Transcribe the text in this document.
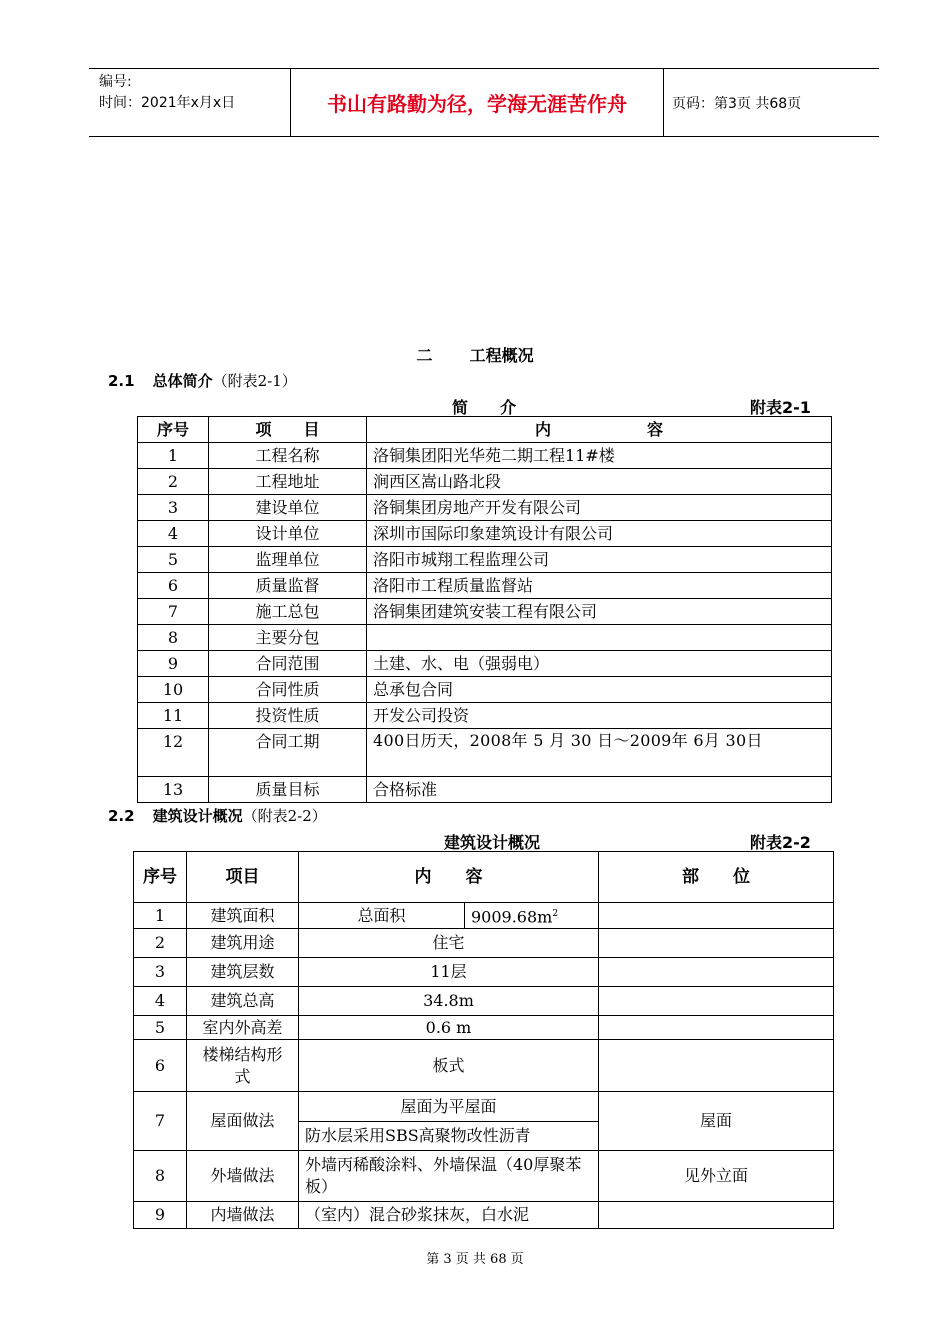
编号:
时间：2021年x月x日	书山有路勤为径，学海无涯苦作舟	页码：第3页 共68页
二 工程概况
2.1 总体简介（附表2-1）
简　　介	附表2-1
序号	项　　目	内　　　　　　容
1	工程名称	洛铜集团阳光华苑二期工程11#楼
2	工程地址	涧西区嵩山路北段
3	建设单位	洛铜集团房地产开发有限公司
4	设计单位	深圳市国际印象建筑设计有限公司
5	监理单位	洛阳市城翔工程监理公司
6	质量监督	洛阳市工程质量监督站
7	施工总包	洛铜集团建筑安装工程有限公司
8	主要分包	
9	合同范围	土建、水、电（强弱电）
10	合同性质	总承包合同
11	投资性质	开发公司投资
12	合同工期	400日历天，2008年 5 月 30 日～2009年 6月 30日
13	质量目标	合格标准
2.2 建筑设计概况（附表2-2）
建筑设计概况	附表2-2
序号	项目	内　　容		部　　位
1	建筑面积	总面积	$9009.68m^2$	
2	建筑用途	住宅		
3	建筑层数	11层		
4	建筑总高	34.8m		
5	室内外高差	0.6 m		
6	楼梯结构形式	板式		
7	屋面做法	屋面为平屋面		屋面
		防水层采用SBS高聚物改性沥青		
8	外墙做法	外墙丙稀酸涂料、外墙保温（40厚聚苯板）		见外立面
9	内墙做法	（室内）混合砂浆抹灰，白水泥		
第 3 页 共 68 页
